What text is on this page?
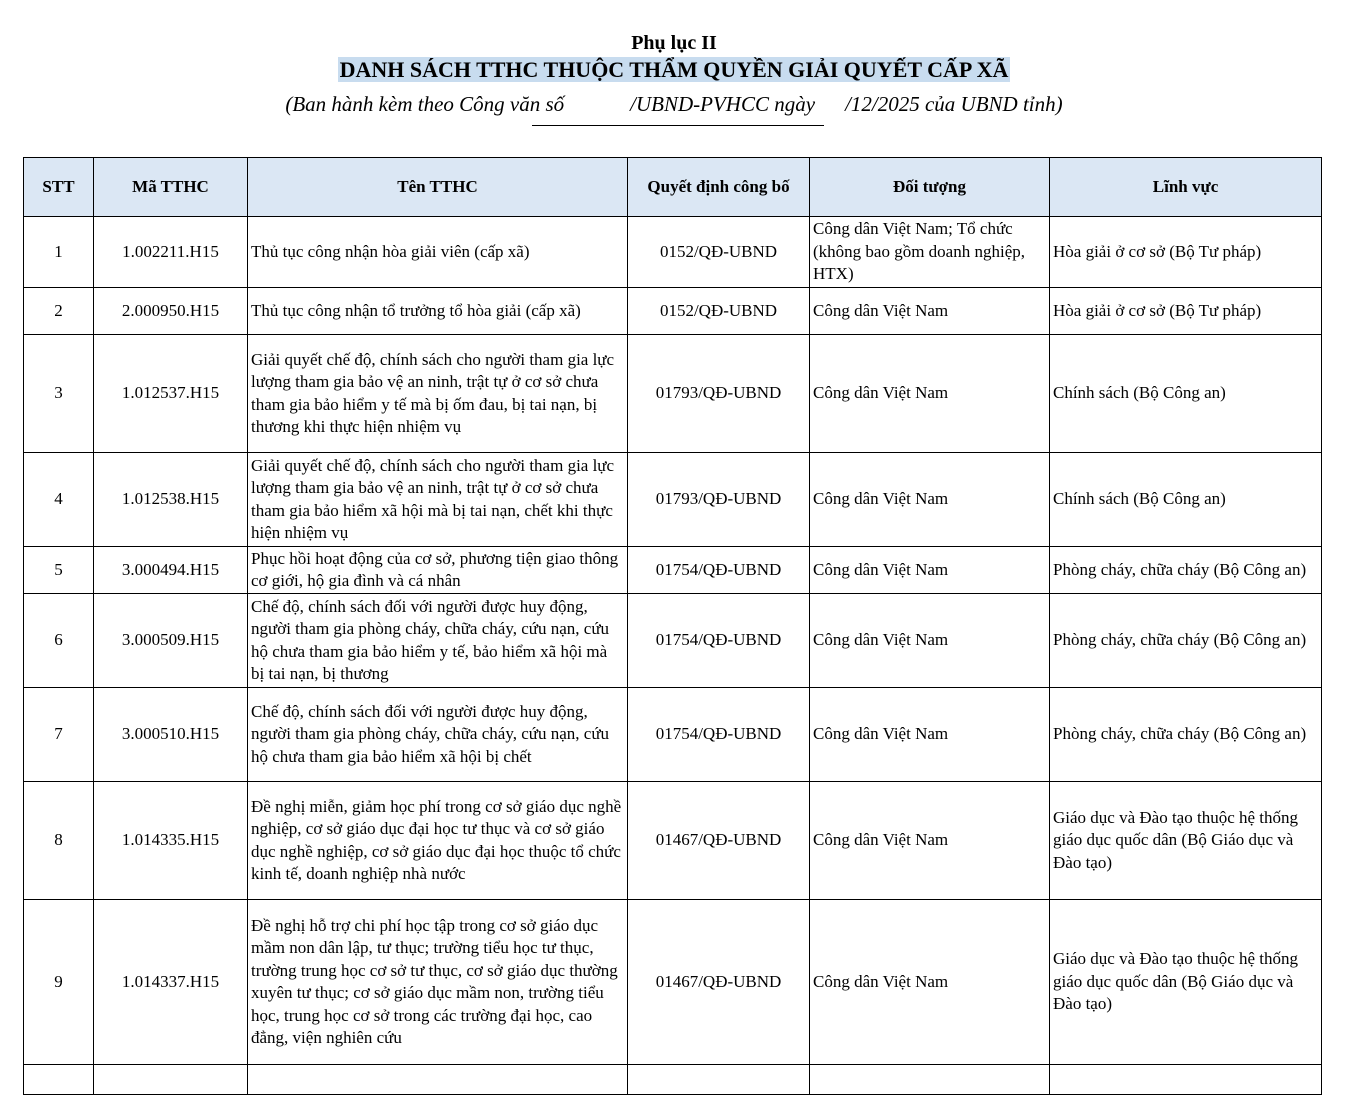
Phụ lục II
DANH SÁCH TTHC THUỘC THẨM QUYỀN GIẢI QUYẾT CẤP XÃ
(Ban hành kèm theo Công văn số	/UBND-PVHCC ngày /12/2025 của UBND tỉnh)
STT	Mã TTHC	Tên TTHC	Quyết định công bố	Đối tượng	Lĩnh vực
1	1.002211.H15	Thủ tục công nhận hòa giải viên (cấp xã)	0152/QĐ-UBND	Công dân Việt Nam; Tổ chức (không bao gồm doanh nghiệp, HTX)	Hòa giải ở cơ sở (Bộ Tư pháp)
2	2.000950.H15	Thủ tục công nhận tổ trưởng tổ hòa giải (cấp xã)	0152/QĐ-UBND	Công dân Việt Nam	Hòa giải ở cơ sở (Bộ Tư pháp)
3	1.012537.H15	Giải quyết chế độ, chính sách cho người tham gia lực lượng tham gia bảo vệ an ninh, trật tự ở cơ sở chưa tham gia bảo hiểm y tế mà bị ốm đau, bị tai nạn, bị thương khi thực hiện nhiệm vụ	01793/QĐ-UBND	Công dân Việt Nam	Chính sách (Bộ Công an)
4	1.012538.H15	Giải quyết chế độ, chính sách cho người tham gia lực lượng tham gia bảo vệ an ninh, trật tự ở cơ sở chưa tham gia bảo hiểm xã hội mà bị tai nạn, chết khi thực hiện nhiệm vụ	01793/QĐ-UBND	Công dân Việt Nam	Chính sách (Bộ Công an)
5	3.000494.H15	Phục hồi hoạt động của cơ sở, phương tiện giao thông cơ giới, hộ gia đình và cá nhân	01754/QĐ-UBND	Công dân Việt Nam	Phòng cháy, chữa cháy (Bộ Công an)
6	3.000509.H15	Chế độ, chính sách đối với người được huy động, người tham gia phòng cháy, chữa cháy, cứu nạn, cứu hộ chưa tham gia bảo hiểm y tế, bảo hiểm xã hội mà bị tai nạn, bị thương	01754/QĐ-UBND	Công dân Việt Nam	Phòng cháy, chữa cháy (Bộ Công an)
7	3.000510.H15	Chế độ, chính sách đối với người được huy động, người tham gia phòng cháy, chữa cháy, cứu nạn, cứu hộ chưa tham gia bảo hiểm xã hội bị chết	01754/QĐ-UBND	Công dân Việt Nam	Phòng cháy, chữa cháy (Bộ Công an)
8	1.014335.H15	Đề nghị miễn, giảm học phí trong cơ sở giáo dục nghề nghiệp, cơ sở giáo dục đại học tư thục và cơ sở giáo dục nghề nghiệp, cơ sở giáo dục đại học thuộc tổ chức kinh tế, doanh nghiệp nhà nước	01467/QĐ-UBND	Công dân Việt Nam	Giáo dục và Đào tạo thuộc hệ thống giáo dục quốc dân (Bộ Giáo dục và Đào tạo)
9	1.014337.H15	Đề nghị hỗ trợ chi phí học tập trong cơ sở giáo dục mầm non dân lập, tư thục; trường tiểu học tư thục, trường trung học cơ sở tư thục, cơ sở giáo dục thường xuyên tư thục; cơ sở giáo dục mầm non, trường tiểu học, trung học cơ sở trong các trường đại học, cao đẳng, viện nghiên cứu	01467/QĐ-UBND	Công dân Việt Nam	Giáo dục và Đào tạo thuộc hệ thống giáo dục quốc dân (Bộ Giáo dục và Đào tạo)
